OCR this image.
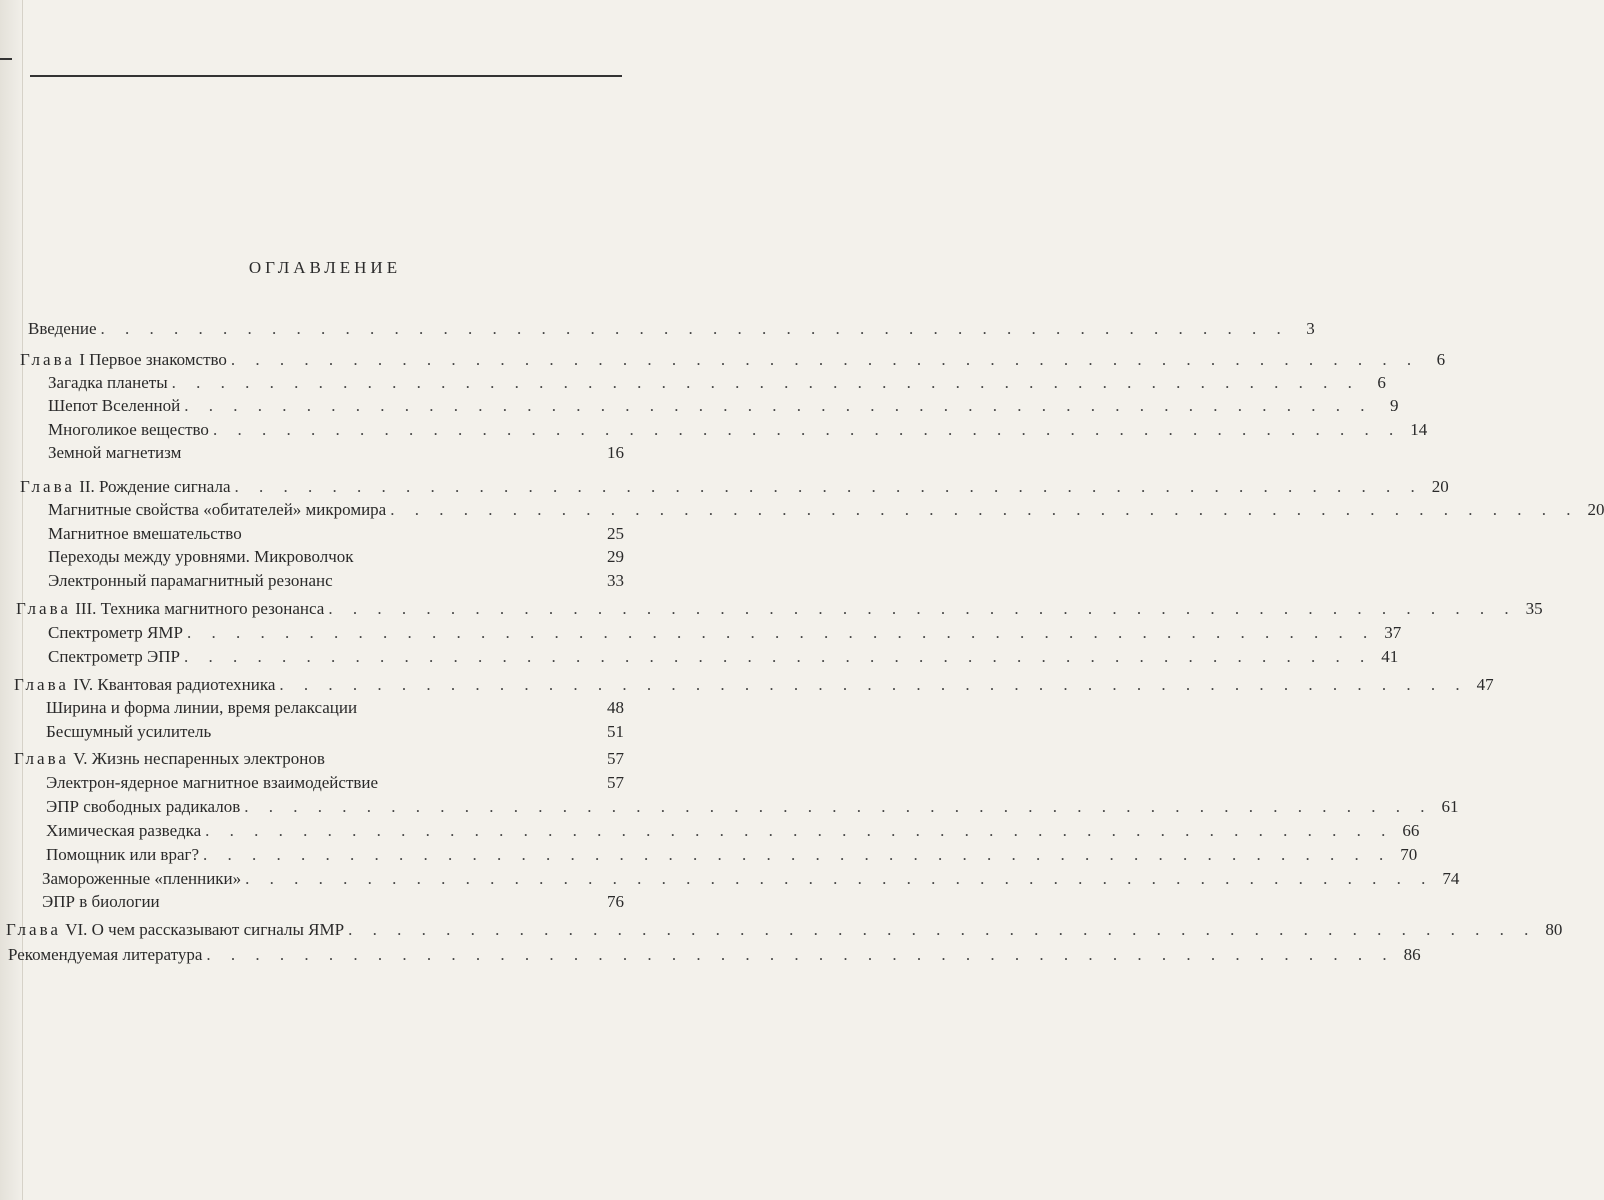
ОГЛАВЛЕНИЕ
Введение . . . . . . . . . . . . . . . . . . . . . . . . . . . . . . . . . . . . . . . . . . . . . . . . .	3
Глава I Первое знакомство . . . . . . . . . . . . . . . . . . . . . . . . . . . . . . . . . . . . . . . . . . . . . . . . .	6
Загадка планеты . . . . . . . . . . . . . . . . . . . . . . . . . . . . . . . . . . . . . . . . . . . . . . . . .	6
Шепот Вселенной . . . . . . . . . . . . . . . . . . . . . . . . . . . . . . . . . . . . . . . . . . . . . . . . .	9
Многоликое вещество . . . . . . . . . . . . . . . . . . . . . . . . . . . . . . . . . . . . . . . . . . . . . . . . . 14
Земной магнетизм	16
Глава II. Рождение сигнала . . . . . . . . . . . . . . . . . . . . . . . . . . . . . . . . . . . . . . . . . . . . . . . . . 20
Магнитные свойства «обитателей» микромира . . . . . . . . . . . . . . . . . . . . . . . . . . . . . . . . . . . . . . . . . . . . . . . . . 20
Магнитное вмешательство	25
Переходы между уровнями. Микроволчок	29
Электронный парамагнитный резонанс	33
Глава III. Техника магнитного резонанса . . . . . . . . . . . . . . . . . . . . . . . . . . . . . . . . . . . . . . . . . . . . . . . . . 35
Спектрометр ЯМР . . . . . . . . . . . . . . . . . . . . . . . . . . . . . . . . . . . . . . . . . . . . . . . . . 37
Спектрометр ЭПР . . . . . . . . . . . . . . . . . . . . . . . . . . . . . . . . . . . . . . . . . . . . . . . . . 41
Глава IV. Квантовая радиотехника . . . . . . . . . . . . . . . . . . . . . . . . . . . . . . . . . . . . . . . . . . . . . . . . . 47
Ширина и форма линии, время релаксации	48
Бесшумный усилитель	51
Глава V. Жизнь неспаренных электронов	57
Электрон-ядерное магнитное взаимодействие	57
ЭПР свободных радикалов . . . . . . . . . . . . . . . . . . . . . . . . . . . . . . . . . . . . . . . . . . . . . . . . . 61
Химическая разведка . . . . . . . . . . . . . . . . . . . . . . . . . . . . . . . . . . . . . . . . . . . . . . . . . 66
Помощник или враг? . . . . . . . . . . . . . . . . . . . . . . . . . . . . . . . . . . . . . . . . . . . . . . . . . 70
Замороженные «пленники» . . . . . . . . . . . . . . . . . . . . . . . . . . . . . . . . . . . . . . . . . . . . . . . . . 74
ЭПР в биологии	76
Глава VI. О чем рассказывают сигналы ЯМР . . . . . . . . . . . . . . . . . . . . . . . . . . . . . . . . . . . . . . . . . . . . . . . . . 80
Рекомендуемая литература . . . . . . . . . . . . . . . . . . . . . . . . . . . . . . . . . . . . . . . . . . . . . . . . . 86
